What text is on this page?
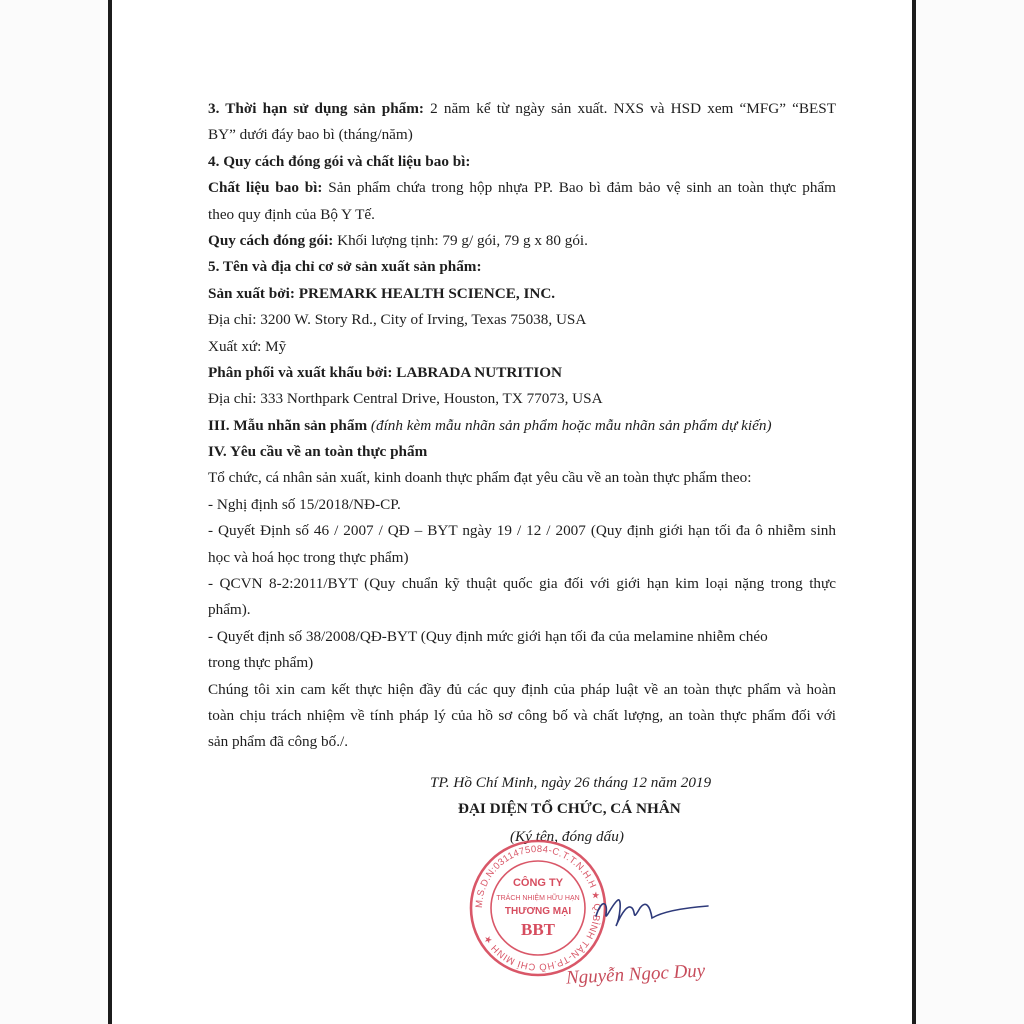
3. Thời hạn sử dụng sản phẩm: 2 năm kể từ ngày sản xuất. NXS và HSD xem “MFG” “BEST
BY” dưới đáy bao bì (tháng/năm)
4. Quy cách đóng gói và chất liệu bao bì:
Chất liệu bao bì: Sản phẩm chứa trong hộp nhựa PP. Bao bì đảm bảo vệ sinh an toàn thực phẩm
theo quy định của Bộ Y Tế.
Quy cách đóng gói: Khối lượng tịnh: 79 g/ gói, 79 g x 80 gói.
5. Tên và địa chỉ cơ sở sản xuất sản phẩm:
Sản xuất bởi: PREMARK HEALTH SCIENCE, INC.
Địa chỉ: 3200 W. Story Rd., City of Irving, Texas 75038, USA
Xuất xứ: Mỹ
Phân phối và xuất khẩu bởi: LABRADA NUTRITION
Địa chỉ: 333 Northpark Central Drive, Houston, TX 77073, USA
III. Mẫu nhãn sản phẩm (đính kèm mẫu nhãn sản phẩm hoặc mẫu nhãn sản phẩm dự kiến)
IV. Yêu cầu về an toàn thực phẩm
Tổ chức, cá nhân sản xuất, kinh doanh thực phẩm đạt yêu cầu về an toàn thực phẩm theo:
- Nghị định số 15/2018/NĐ-CP.
- Quyết Định số 46 / 2007 / QĐ – BYT ngày 19 / 12 / 2007 (Quy định giới hạn tối đa ô nhiễm sinh
học và hoá học trong thực phẩm)
- QCVN 8-2:2011/BYT (Quy chuẩn kỹ thuật quốc gia đối với giới hạn kim loại nặng trong thực
phẩm).
- Quyết định số 38/2008/QĐ-BYT (Quy định mức giới hạn tối đa của melamine nhiễm chéo
trong thực phẩm)
Chúng tôi xin cam kết thực hiện đầy đủ các quy định của pháp luật về an toàn thực phẩm và hoàn
toàn chịu trách nhiệm về tính pháp lý của hồ sơ công bố và chất lượng, an toàn thực phẩm đối với
sản phẩm đã công bố./.
TP. Hồ Chí Minh, ngày 26 tháng 12 năm 2019
ĐẠI DIỆN TỔ CHỨC, CÁ NHÂN
(Ký tên, đóng dấu)
M.S.D.N:0311475084-C.T.T.N.H.H ★ Q.BÌNH TÂN-TP.HỒ CHÍ MINH ★
CÔNG TY
TRÁCH NHIỆM HỮU HẠN
THƯƠNG MẠI
BBT
Nguyễn Ngọc Duy
